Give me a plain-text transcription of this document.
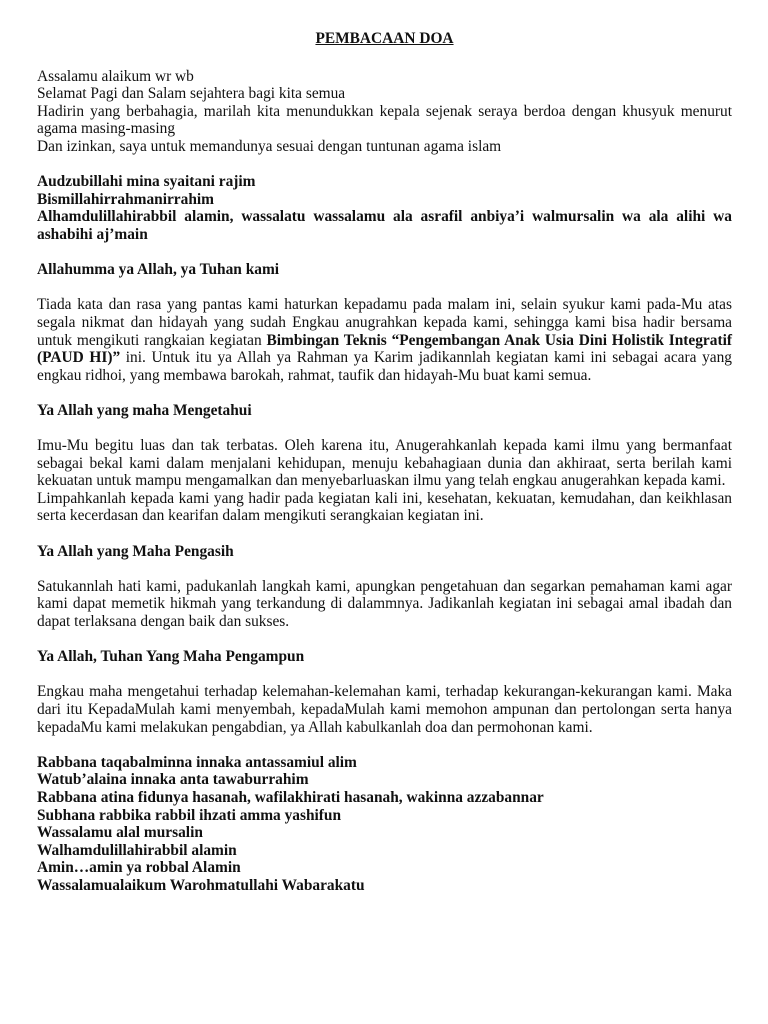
PEMBACAAN DOA

Assalamu alaikum wr wb
Selamat Pagi dan Salam sejahtera bagi kita semua
Hadirin yang berbahagia, marilah kita menundukkan kepala sejenak seraya berdoa dengan khusyuk menurut agama masing-masing
Dan izinkan, saya untuk memandunya sesuai dengan tuntunan agama islam
Audzubillahi mina syaitani rajim
Bismillahirrahmanirrahim
Alhamdulillahirabbil alamin, wassalatu wassalamu ala asrafil anbiya’i walmursalin wa ala alihi wa ashabihi aj’main

Allahumma ya Allah, ya Tuhan kami

Tiada kata dan rasa yang pantas kami haturkan kepadamu pada malam ini, selain syukur kami pada-Mu atas segala nikmat dan hidayah yang sudah Engkau anugrahkan kepada kami, sehingga kami bisa hadir bersama untuk mengikuti rangkaian kegiatan Bimbingan Teknis “Pengembangan Anak Usia Dini Holistik Integratif (PAUD HI)” ini. Untuk itu ya Allah ya Rahman ya Karim jadikannlah kegiatan kami ini sebagai acara yang engkau ridhoi, yang membawa barokah, rahmat, taufik dan hidayah-Mu buat kami semua.

Ya Allah yang maha Mengetahui

Imu-Mu begitu luas dan tak terbatas. Oleh karena itu, Anugerahkanlah kepada kami ilmu yang bermanfaat sebagai bekal kami dalam menjalani kehidupan, menuju kebahagiaan dunia dan akhiraat, serta berilah kami kekuatan untuk mampu mengamalkan dan menyebarluaskan ilmu yang telah engkau anugerahkan kepada kami.

Limpahkanlah kepada kami yang hadir pada kegiatan kali ini, kesehatan, kekuatan, kemudahan, dan keikhlasan serta kecerdasan dan kearifan dalam mengikuti serangkaian kegiatan ini.

Ya Allah yang Maha Pengasih

Satukannlah hati kami, padukanlah langkah kami, apungkan pengetahuan dan segarkan pemahaman kami agar kami dapat memetik hikmah yang terkandung di dalammnya. Jadikanlah kegiatan ini sebagai amal ibadah dan dapat terlaksana dengan baik dan sukses.

Ya Allah, Tuhan Yang Maha Pengampun

Engkau maha mengetahui terhadap kelemahan-kelemahan kami, terhadap kekurangan-kekurangan kami. Maka dari itu KepadaMulah kami menyembah, kepadaMulah kami memohon ampunan dan pertolongan serta hanya kepadaMu kami melakukan pengabdian, ya Allah kabulkanlah doa dan permohonan kami.

Rabbana taqabalminna innaka antassamiul alim
Watub’alaina innaka anta tawaburrahim
Rabbana atina fidunya hasanah, wafilakhirati hasanah, wakinna azzabannar
Subhana rabbika rabbil ihzati amma yashifun
Wassalamu alal mursalin
Walhamdulillahirabbil alamin
Amin…amin ya robbal Alamin
Wassalamualaikum Warohmatullahi Wabarakatu
